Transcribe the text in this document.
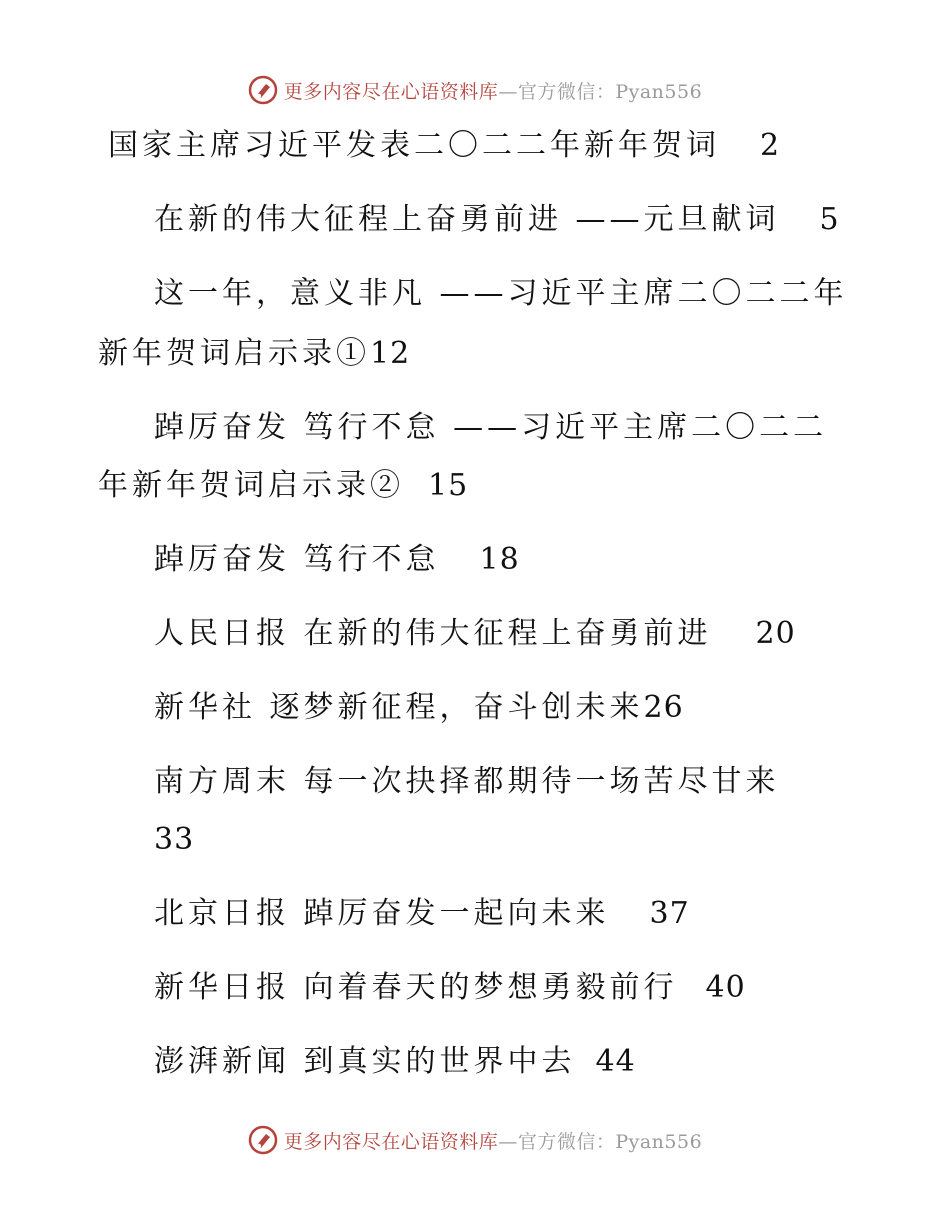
更多内容尽在心语资料库—官方微信：Pyan556

国家主席习近平发表二〇二二年新年贺词 2

在新的伟大征程上奋勇前进 ——元旦献词 5

这一年，意义非凡 ——习近平主席二〇二二年

新年贺词启示录①12

踔厉奋发 笃行不怠 ——习近平主席二〇二二

年新年贺词启示录② 15

踔厉奋发 笃行不怠 18

人民日报 在新的伟大征程上奋勇前进 20

新华社 逐梦新征程，奋斗创未来26

南方周末 每一次抉择都期待一场苦尽甘来

33

北京日报 踔厉奋发一起向未来 37

新华日报 向着春天的梦想勇毅前行 40

澎湃新闻 到真实的世界中去 44

更多内容尽在心语资料库—官方微信：Pyan556
